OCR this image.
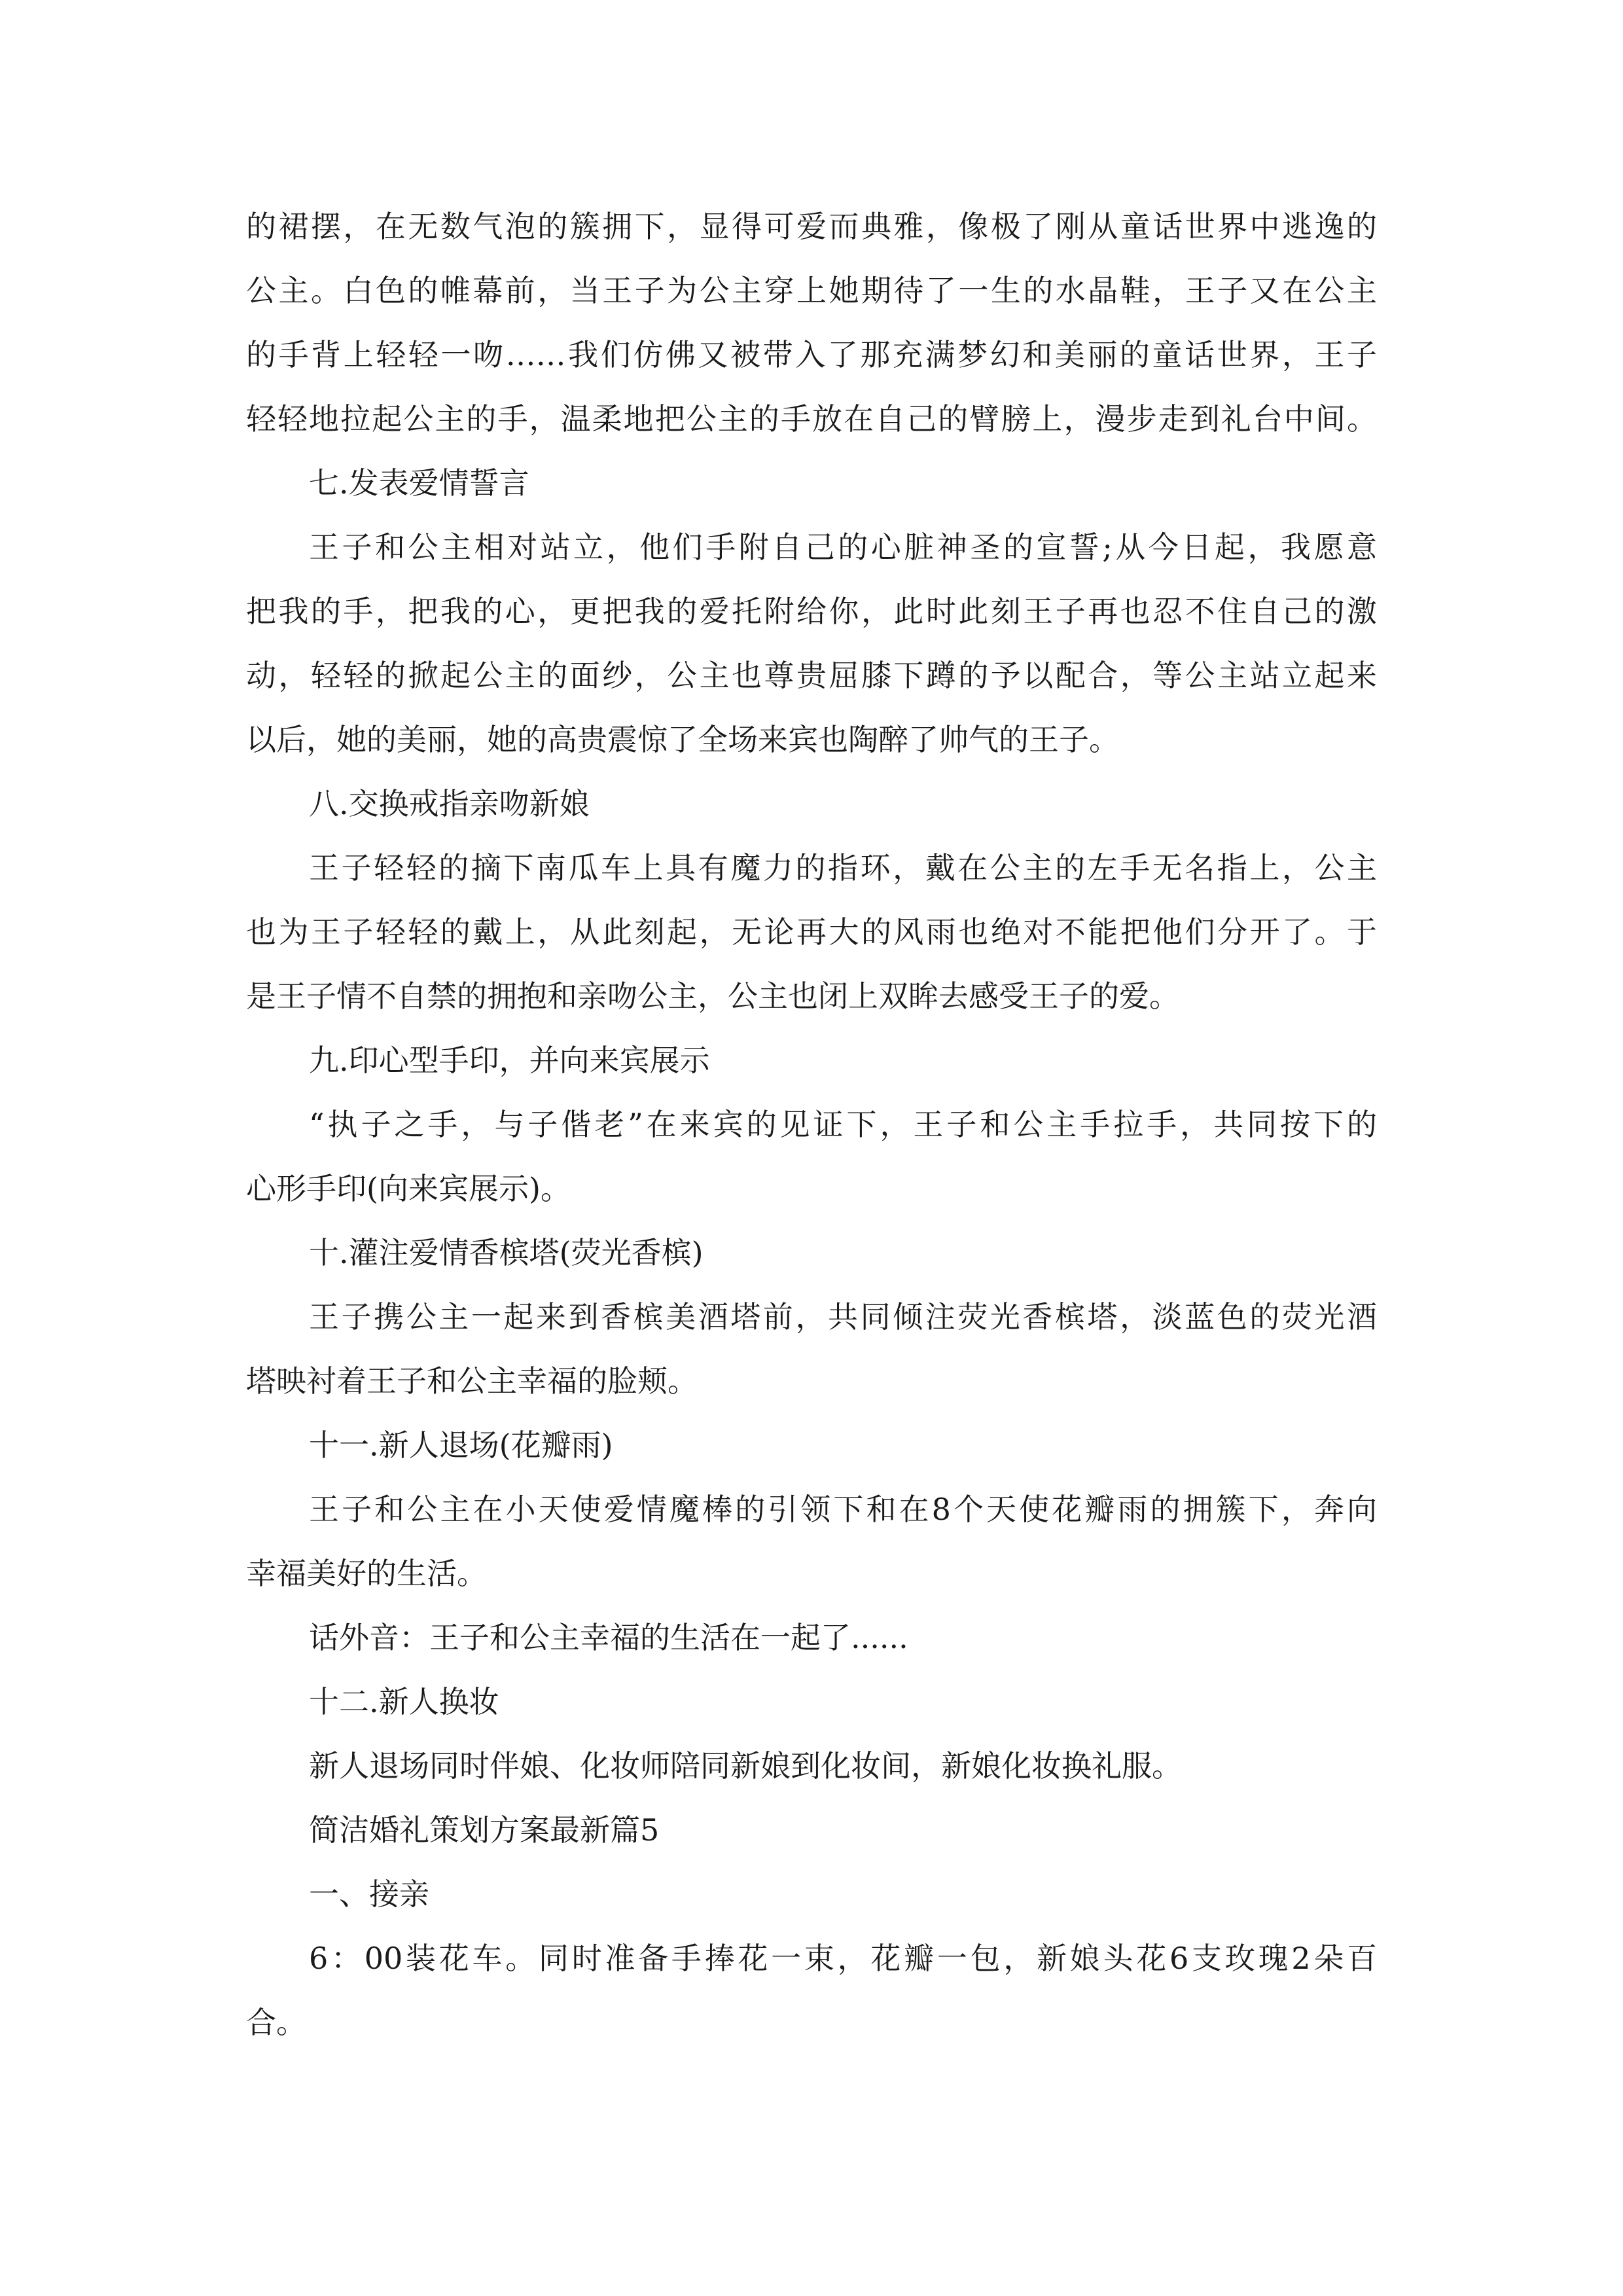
的裙摆，在无数气泡的簇拥下，显得可爱而典雅，像极了刚从童话世界中逃逸的
公主。白色的帷幕前，当王子为公主穿上她期待了一生的水晶鞋，王子又在公主
的手背上轻轻一吻……我们仿佛又被带入了那充满梦幻和美丽的童话世界，王子
轻轻地拉起公主的手，温柔地把公主的手放在自己的臂膀上，漫步走到礼台中间。
七.发表爱情誓言
王子和公主相对站立，他们手附自己的心脏神圣的宣誓;从今日起，我愿意
把我的手，把我的心，更把我的爱托附给你，此时此刻王子再也忍不住自己的激
动，轻轻的掀起公主的面纱，公主也尊贵屈膝下蹲的予以配合，等公主站立起来
以后，她的美丽，她的高贵震惊了全场来宾也陶醉了帅气的王子。
八.交换戒指亲吻新娘
王子轻轻的摘下南瓜车上具有魔力的指环，戴在公主的左手无名指上，公主
也为王子轻轻的戴上，从此刻起，无论再大的风雨也绝对不能把他们分开了。于
是王子情不自禁的拥抱和亲吻公主，公主也闭上双眸去感受王子的爱。
九.印心型手印，并向来宾展示
“执子之手，与子偕老”在来宾的见证下，王子和公主手拉手，共同按下的
心形手印(向来宾展示)。
十.灌注爱情香槟塔(荧光香槟)
王子携公主一起来到香槟美酒塔前，共同倾注荧光香槟塔，淡蓝色的荧光酒
塔映衬着王子和公主幸福的脸颊。
十一.新人退场(花瓣雨)
王子和公主在小天使爱情魔棒的引领下和在8个天使花瓣雨的拥簇下，奔向
幸福美好的生活。
话外音：王子和公主幸福的生活在一起了......
十二.新人换妆
新人退场同时伴娘、化妆师陪同新娘到化妆间，新娘化妆换礼服。
简洁婚礼策划方案最新篇5
一、接亲
6：00装花车。同时准备手捧花一束，花瓣一包，新娘头花6支玫瑰2朵百
合。
